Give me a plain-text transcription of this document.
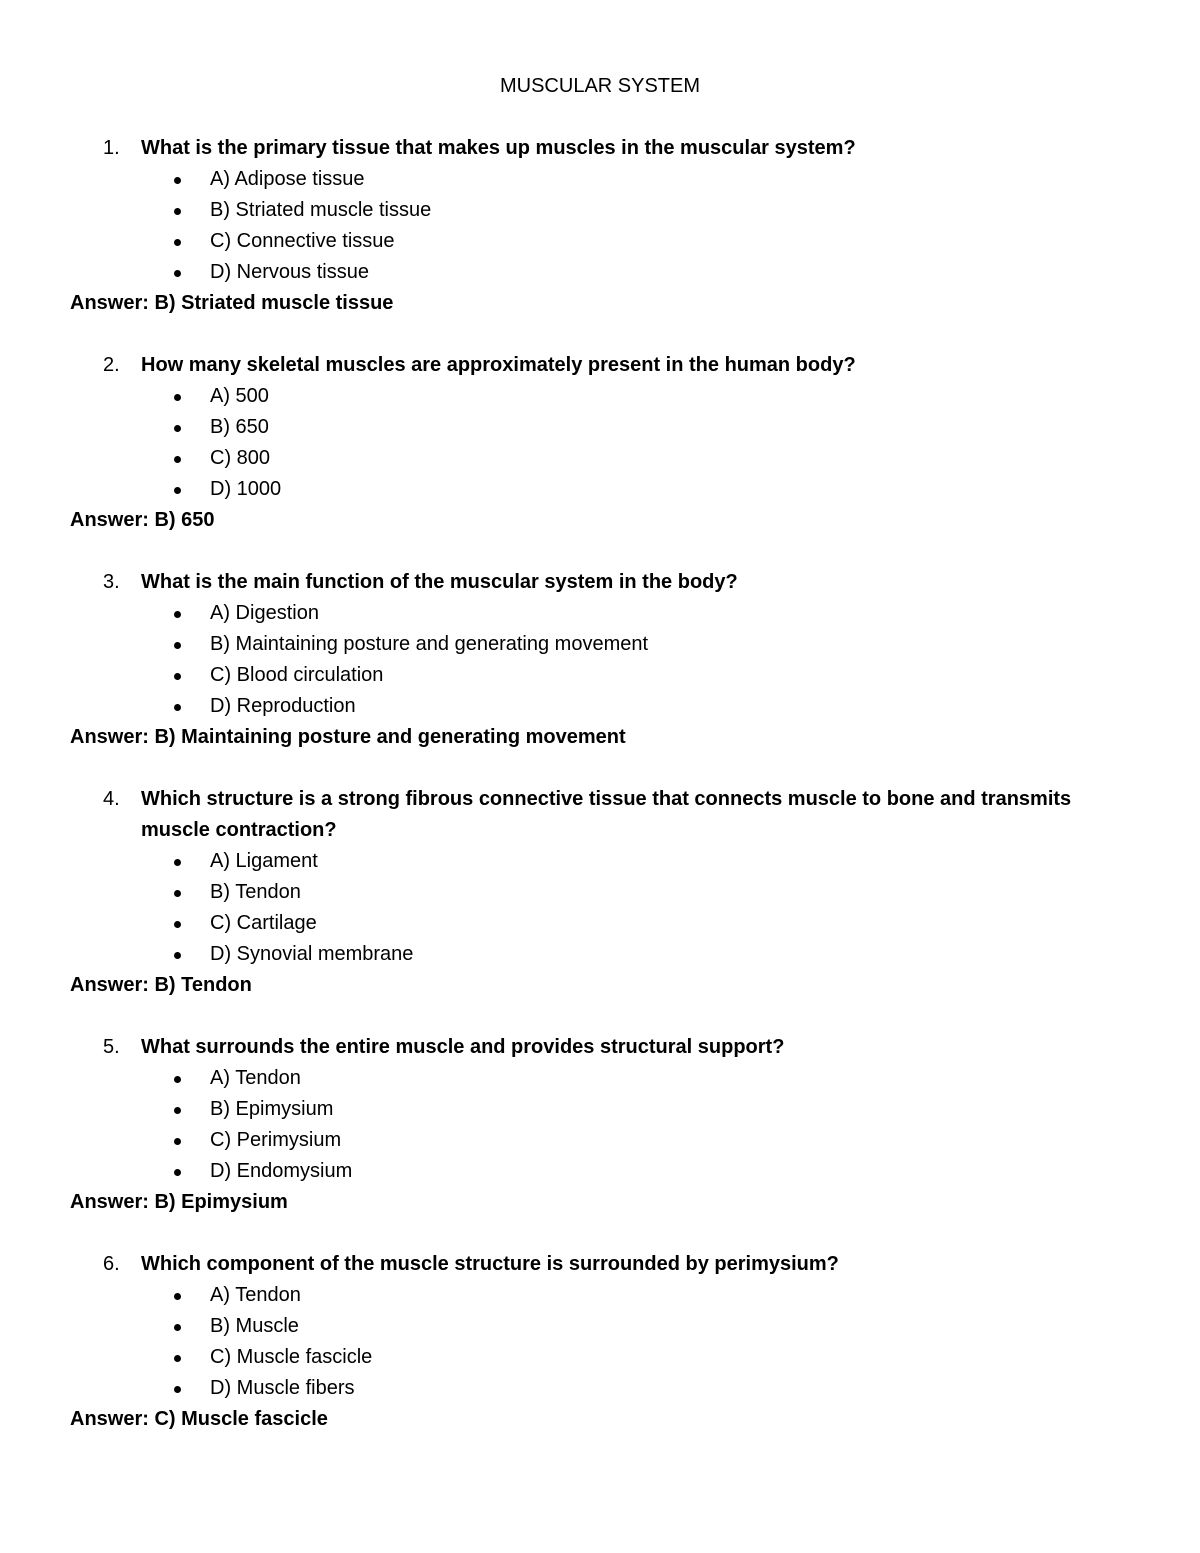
MUSCULAR SYSTEM
1.	What is the primary tissue that makes up muscles in the muscular system?
A) Adipose tissue
B) Striated muscle tissue
C) Connective tissue
D) Nervous tissue
Answer: B) Striated muscle tissue
2.	How many skeletal muscles are approximately present in the human body?
A) 500
B) 650
C) 800
D) 1000
Answer: B) 650
3.	What is the main function of the muscular system in the body?
A) Digestion
B) Maintaining posture and generating movement
C) Blood circulation
D) Reproduction
Answer: B) Maintaining posture and generating movement
4.	Which structure is a strong fibrous connective tissue that connects muscle to bone and transmits muscle contraction?
A) Ligament
B) Tendon
C) Cartilage
D) Synovial membrane
Answer: B) Tendon
5.	What surrounds the entire muscle and provides structural support?
A) Tendon
B) Epimysium
C) Perimysium
D) Endomysium
Answer: B) Epimysium
6.	Which component of the muscle structure is surrounded by perimysium?
A) Tendon
B) Muscle
C) Muscle fascicle
D) Muscle fibers
Answer: C) Muscle fascicle
